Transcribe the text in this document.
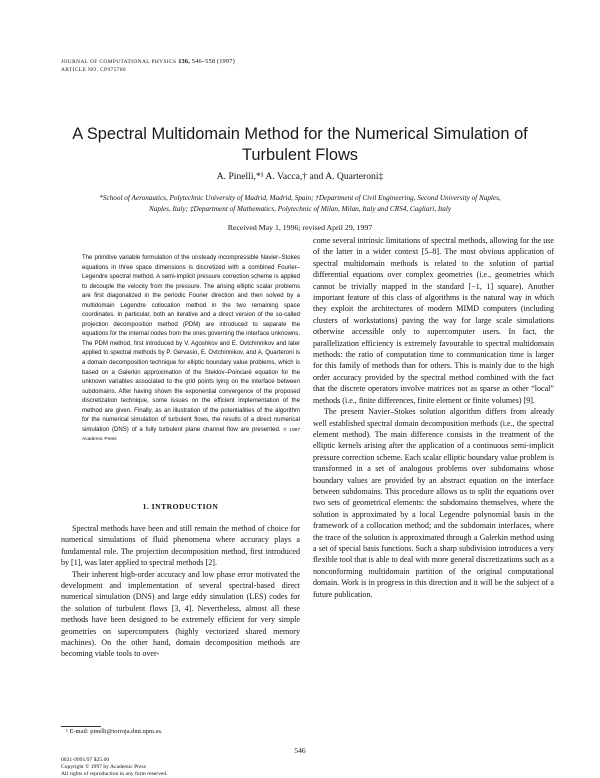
JOURNAL OF COMPUTATIONAL PHYSICS 136, 546–558 (1997)
ARTICLE NO. CP975780
A Spectral Multidomain Method for the Numerical Simulation of Turbulent Flows
A. Pinelli,*¹ A. Vacca,† and A. Quarteroni‡
*School of Aeronautics, Polytechnic University of Madrid, Madrid, Spain; †Department of Civil Engineering, Second University of Naples, Naples, Italy; ‡Department of Mathematics, Polytechnic of Milan, Milan, Italy and CRS4, Cagliari, Italy
Received May 1, 1996; revised April 29, 1997
The primitive variable formulation of the unsteady incompressible Navier–Stokes equations in three space dimensions is discretized with a combined Fourier–Legendre spectral method. A semi-implicit pressure correction scheme is applied to decouple the velocity from the pressure. The arising elliptic scalar problems are first diagonalized in the periodic Fourier direction and then solved by a multidomain Legendre collocation method in the two remaining space coordinates. In particular, both an iterative and a direct version of the so-called projection decomposition method (PDM) are introduced to separate the equations for the internal nodes from the ones governing the interface unknowns. The PDM method, first introduced by V. Agoshkov and E. Ovtchinnikov and later applied to spectral methods by P. Gervasio, E. Ovtchinnikov, and A. Quarteroni is a domain decomposition technique for elliptic boundary value problems, which is based on a Galerkin approximation of the Steklov–Poincaré equation for the unknown variables associated to the grid points lying on the interface between subdomains. After having shown the exponential convergence of the proposed discretization technique, some issues on the efficient implementation of the method are given. Finally, as an illustration of the potentialities of the algorithm for the numerical simulation of turbulent flows, the results of a direct numerical simulation (DNS) of a fully turbulent plane channel flow are presented. © 1997 Academic Press
1. INTRODUCTION

Spectral methods have been and still remain the method of choice for numerical simulations of fluid phenomena where accuracy plays a fundamental role. The projection decomposition method, first introduced by [1], was later applied to spectral methods [2].

Their inherent high-order accuracy and low phase error motivated the development and implementation of several spectral-based direct numerical simulation (DNS) and large eddy simulation (LES) codes for the solution of turbulent flows [3, 4]. Nevertheless, almost all these methods have been designed to be extremely efficient for very simple geometries on supercomputers (highly vectorized shared memory machines). On the other hand, domain decomposition methods are becoming viable tools to over-

come several intrinsic limitations of spectral methods, allowing for the use of the latter in a wider context [5–8]. The most obvious application of spectral multidomain methods is related to the solution of partial differential equations over complex geometries (i.e., geometries which cannot be trivially mapped in the standard [−1, 1] square). Another important feature of this class of algorithms is the natural way in which they exploit the architectures of modern MIMD computers (including clusters of workstations) paving the way for large scale simulations otherwise accessible only to supercomputer users. In fact, the parallelization efficiency is extremely favourable to spectral multidomain methods: the ratio of computation time to communication time is larger for this family of methods than for others. This is mainly due to the high order accuracy provided by the spectral method combined with the fact that the discrete operators involve matrices not as sparse as other “local” methods (i.e., finite differences, finite element or finite volumes) [9].

The present Navier–Stokes solution algorithm differs from already well established spectral domain decomposition methods (i.e., the spectral element method). The main difference consists in the treatment of the elliptic kernels arising after the application of a continuous semi-implicit pressure correction scheme. Each scalar elliptic boundary value problem is transformed in a set of analogous problems over subdomains whose boundary values are provided by an abstract equation on the interface between subdomains. This procedure allows us to split the equations over two sets of geometrical elements: the subdomains themselves, where the solution is approximated by a local Legendre polynomial basis in the framework of a collocation method; and the subdomain interfaces, where the trace of the solution is approximated through a Galerkin method using a set of special basis functions. Such a sharp subdivision introduces a very flexible tool that is able to deal with more general discretizations such as a nonconforming multidomain partition of the original computational domain. Work is in progress in this direction and it will be the subject of a future publication.

¹ E-mail: pinelli@torroja.dmt.upm.es.
546
0021-9991/97 $25.00
Copyright © 1997 by Academic Press
All rights of reproduction in any form reserved.
